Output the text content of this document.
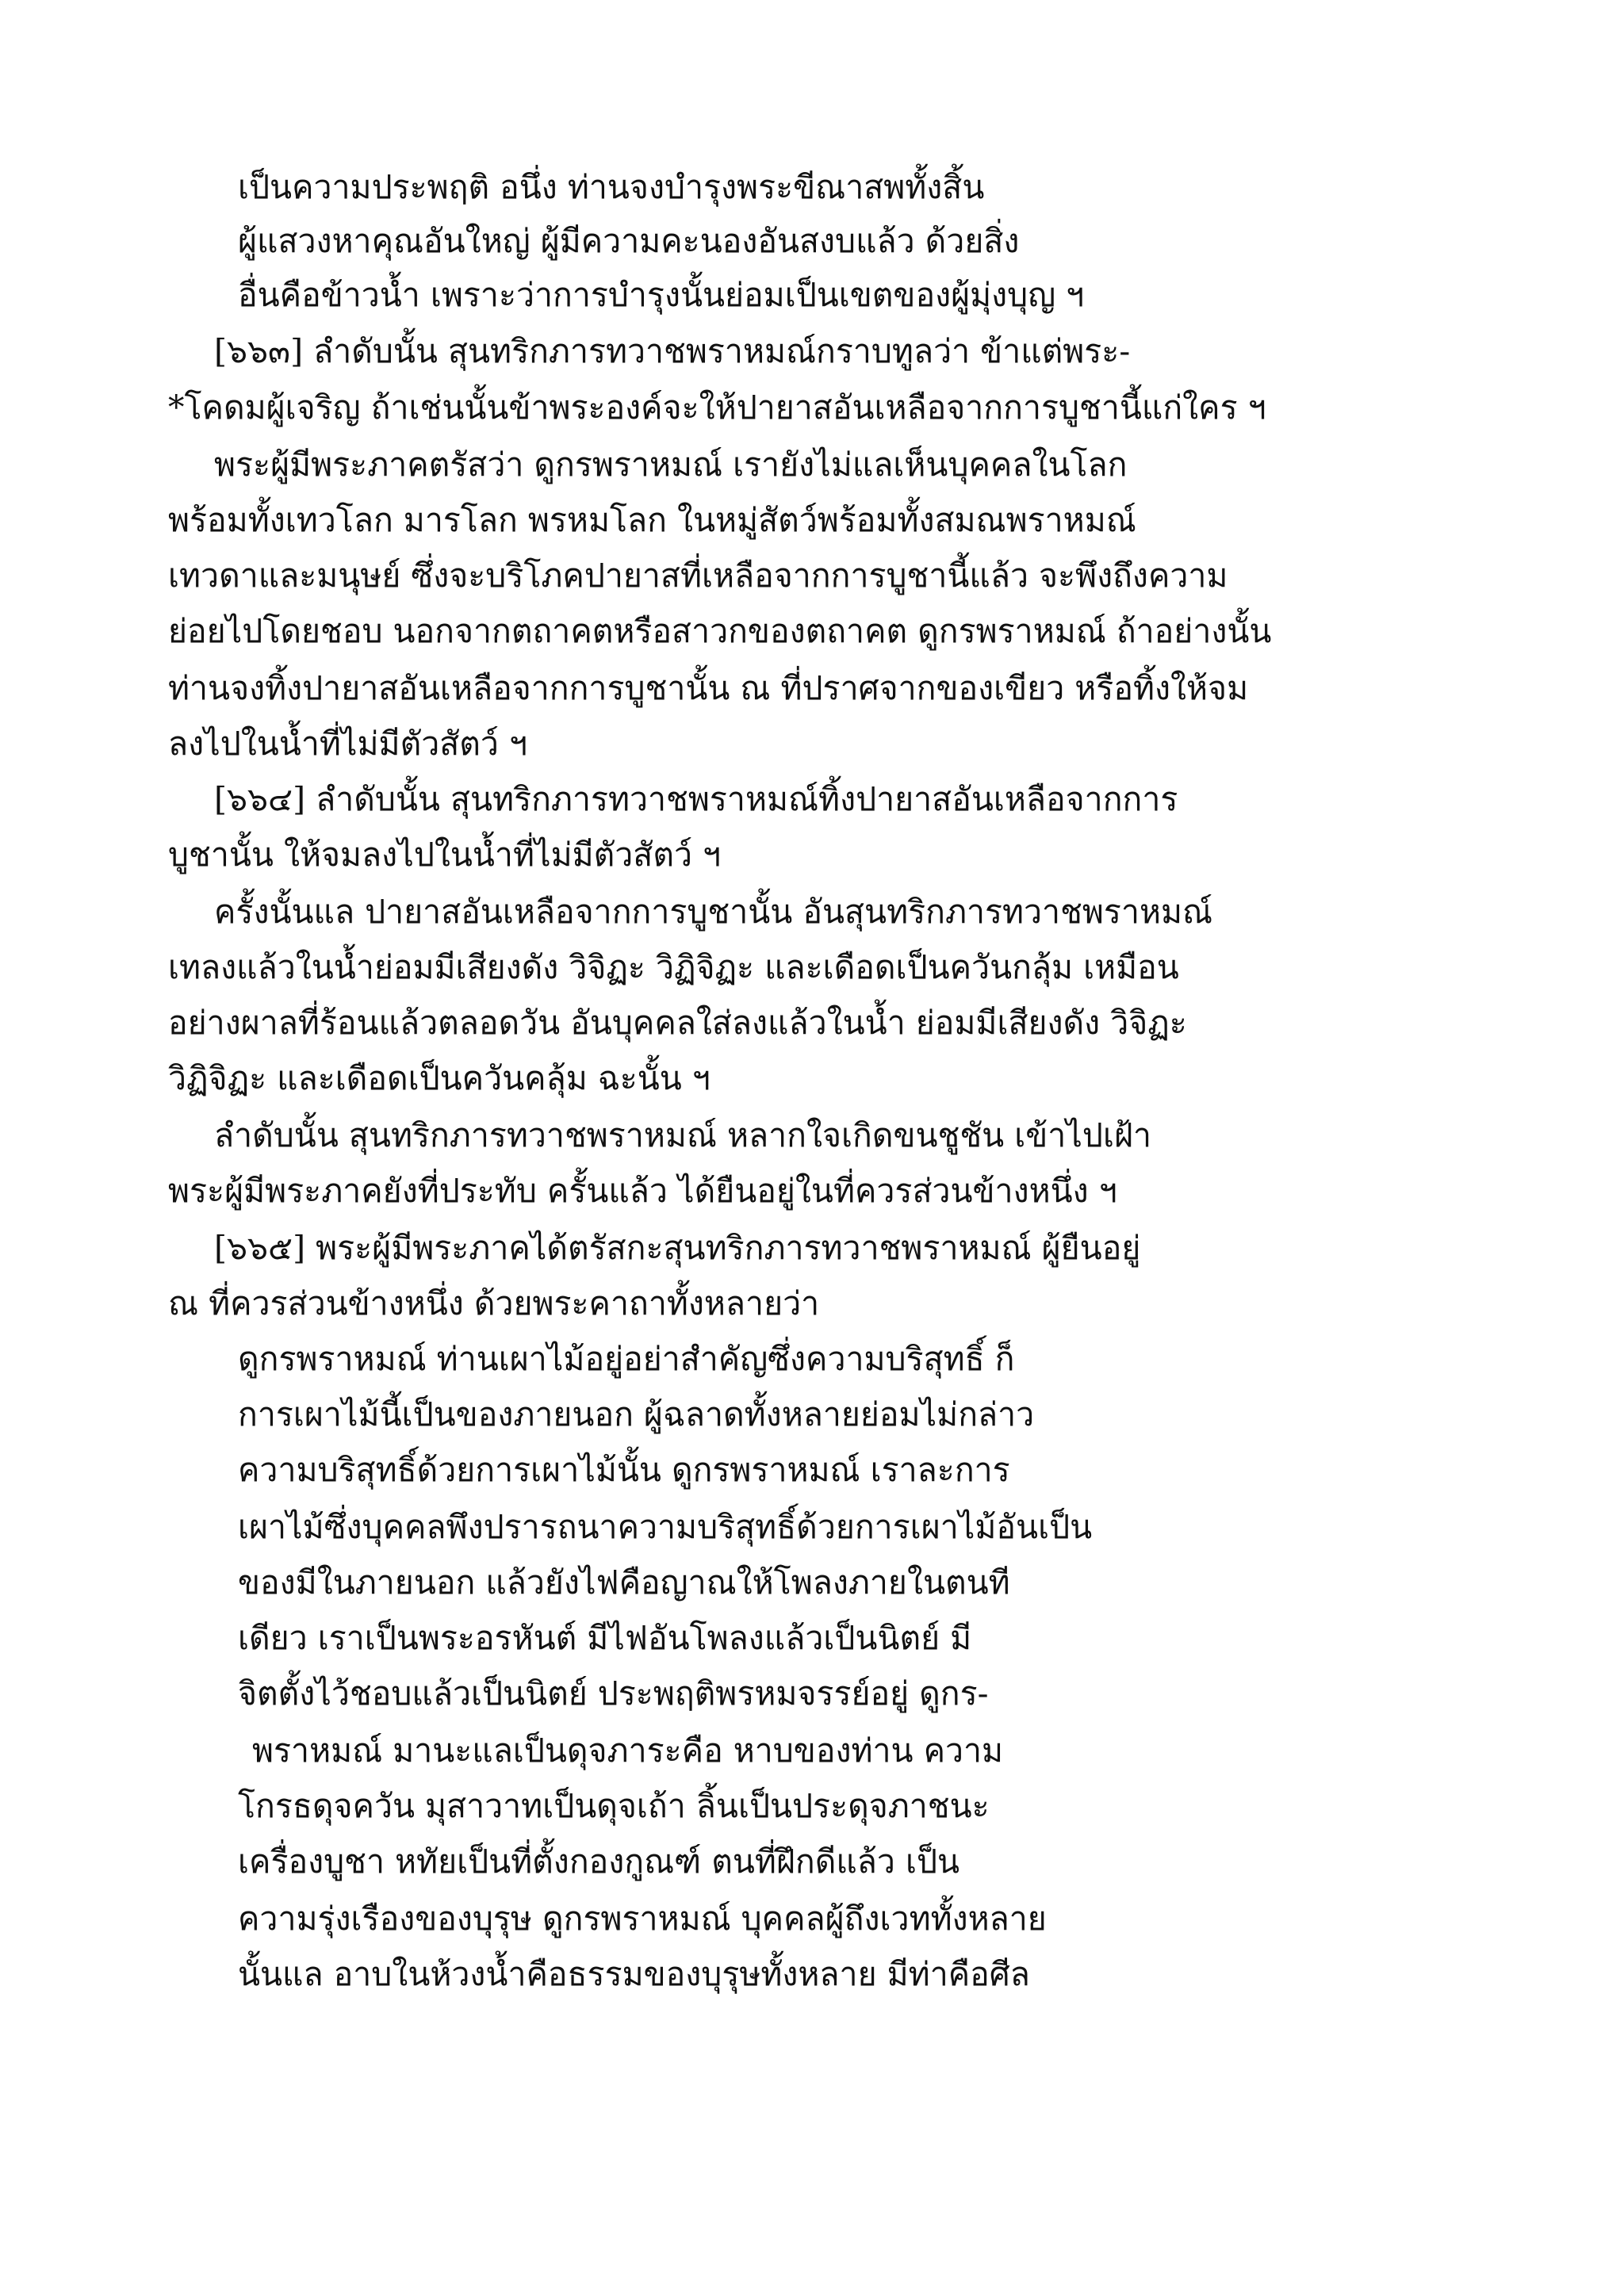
เป็นความประพฤติ อนึ่ง ท่านจงบำรุงพระขีณาสพทั้งสิ้น
ผู้แสวงหาคุณอันใหญ่ ผู้มีความคะนองอันสงบแล้ว ด้วยสิ่ง
อื่นคือข้าวน้ำ เพราะว่าการบำรุงนั้นย่อมเป็นเขตของผู้มุ่งบุญ ฯ
[๖๖๓] ลำดับนั้น สุนทริกภารทวาชพราหมณ์กราบทูลว่า ข้าแต่พระ-
*โคดมผู้เจริญ ถ้าเช่นนั้นข้าพระองค์จะให้ปายาสอันเหลือจากการบูชานี้แก่ใคร ฯ
พระผู้มีพระภาคตรัสว่า ดูกรพราหมณ์ เรายังไม่แลเห็นบุคคลในโลก
พร้อมทั้งเทวโลก มารโลก พรหมโลก ในหมู่สัตว์พร้อมทั้งสมณพราหมณ์
เทวดาและมนุษย์ ซึ่งจะบริโภคปายาสที่เหลือจากการบูชานี้แล้ว จะพึงถึงความ
ย่อยไปโดยชอบ นอกจากตถาคตหรือสาวกของตถาคต ดูกรพราหมณ์ ถ้าอย่างนั้น
ท่านจงทิ้งปายาสอันเหลือจากการบูชานั้น ณ ที่ปราศจากของเขียว หรือทิ้งให้จม
ลงไปในน้ำที่ไม่มีตัวสัตว์ ฯ
[๖๖๔] ลำดับนั้น สุนทริกภารทวาชพราหมณ์ทิ้งปายาสอันเหลือจากการ
บูชานั้น ให้จมลงไปในน้ำที่ไม่มีตัวสัตว์ ฯ
ครั้งนั้นแล ปายาสอันเหลือจากการบูชานั้น อันสุนทริกภารทวาชพราหมณ์
เทลงแล้วในน้ำย่อมมีเสียงดัง วิจิฏะ วิฏิจิฏะ และเดือดเป็นควันกลุ้ม เหมือน
อย่างผาลที่ร้อนแล้วตลอดวัน อันบุคคลใส่ลงแล้วในน้ำ ย่อมมีเสียงดัง วิจิฏะ
วิฏิจิฏะ และเดือดเป็นควันคลุ้ม ฉะนั้น ฯ
ลำดับนั้น สุนทริกภารทวาชพราหมณ์ หลากใจเกิดขนชูชัน เข้าไปเฝ้า
พระผู้มีพระภาคยังที่ประทับ ครั้นแล้ว ได้ยืนอยู่ในที่ควรส่วนข้างหนึ่ง ฯ
[๖๖๕] พระผู้มีพระภาคได้ตรัสกะสุนทริกภารทวาชพราหมณ์ ผู้ยืนอยู่
ณ ที่ควรส่วนข้างหนึ่ง ด้วยพระคาถาทั้งหลายว่า
ดูกรพราหมณ์ ท่านเผาไม้อยู่อย่าสำคัญซึ่งความบริสุทธิ์ ก็
การเผาไม้นี้เป็นของภายนอก ผู้ฉลาดทั้งหลายย่อมไม่กล่าว
ความบริสุทธิ์ด้วยการเผาไม้นั้น ดูกรพราหมณ์ เราละการ
เผาไม้ซึ่งบุคคลพึงปรารถนาความบริสุทธิ์ด้วยการเผาไม้อันเป็น
ของมีในภายนอก แล้วยังไฟคือญาณให้โพลงภายในตนที
เดียว เราเป็นพระอรหันต์ มีไฟอันโพลงแล้วเป็นนิตย์ มี
จิตตั้งไว้ชอบแล้วเป็นนิตย์ ประพฤติพรหมจรรย์อยู่ ดูกร-
พราหมณ์ มานะแลเป็นดุจภาระคือ หาบของท่าน ความ
โกรธดุจควัน มุสาวาทเป็นดุจเถ้า ลิ้นเป็นประดุจภาชนะ
เครื่องบูชา หทัยเป็นที่ตั้งกองกูณฑ์ ตนที่ฝึกดีแล้ว เป็น
ความรุ่งเรืองของบุรุษ ดูกรพราหมณ์ บุคคลผู้ถึงเวททั้งหลาย
นั้นแล อาบในห้วงน้ำคือธรรมของบุรุษทั้งหลาย มีท่าคือศีล
